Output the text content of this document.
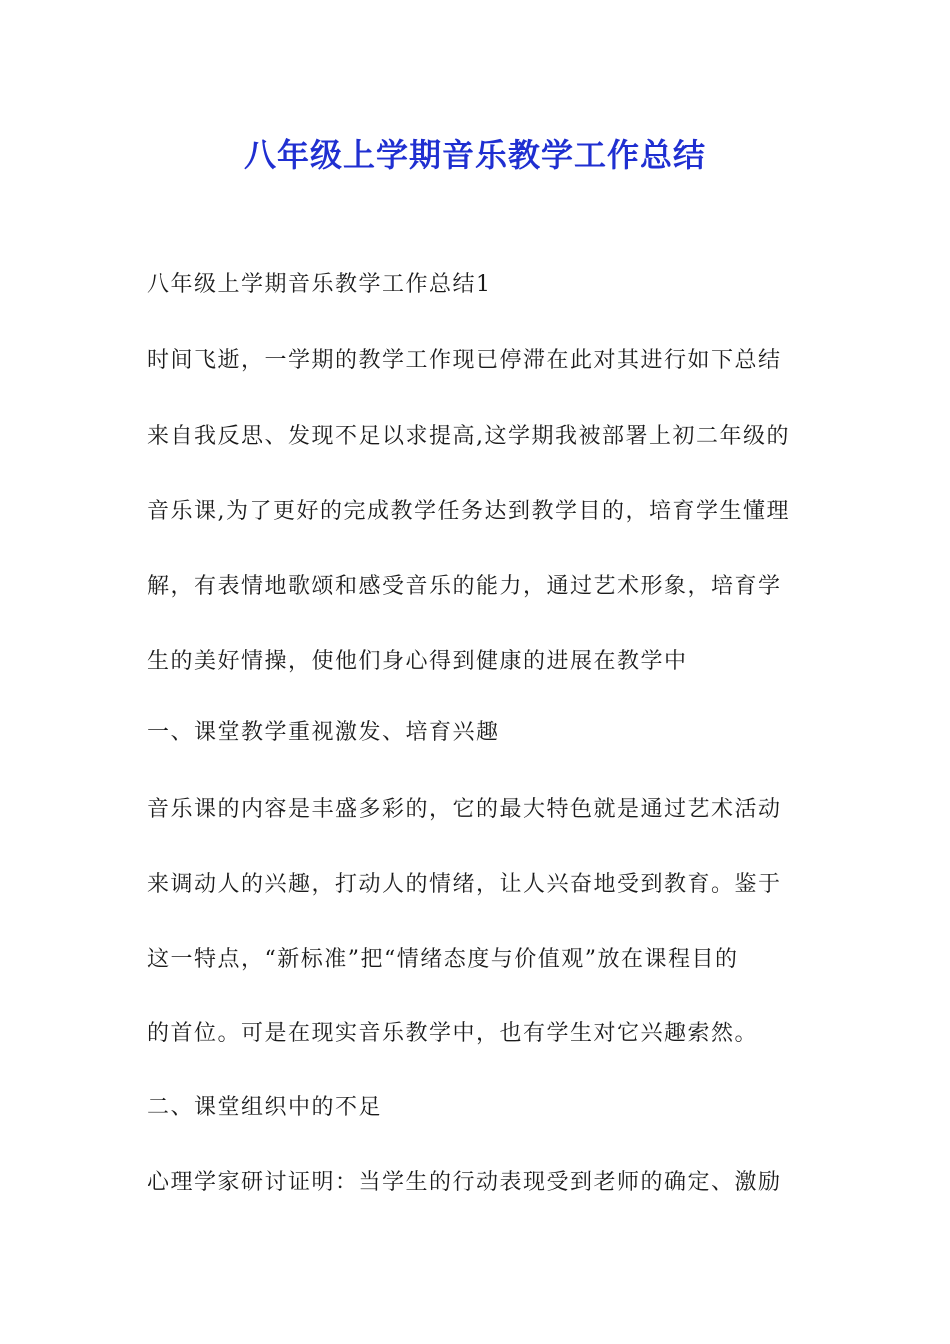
八年级上学期音乐教学工作总结

八年级上学期音乐教学工作总结1

时间飞逝，一学期的教学工作现已停滞在此对其进行如下总结

来自我反思、发现不足以求提高,这学期我被部署上初二年级的

音乐课,为了更好的完成教学任务达到教学目的，培育学生懂理

解，有表情地歌颂和感受音乐的能力，通过艺术形象，培育学

生的美好情操，使他们身心得到健康的进展在教学中

一、课堂教学重视激发、培育兴趣

音乐课的内容是丰盛多彩的，它的最大特色就是通过艺术活动

来调动人的兴趣，打动人的情绪，让人兴奋地受到教育。鉴于

这一特点，“新标准”把“情绪态度与价值观”放在课程目的

的首位。可是在现实音乐教学中，也有学生对它兴趣索然。

二、课堂组织中的不足

心理学家研讨证明：当学生的行动表现受到老师的确定、激励
